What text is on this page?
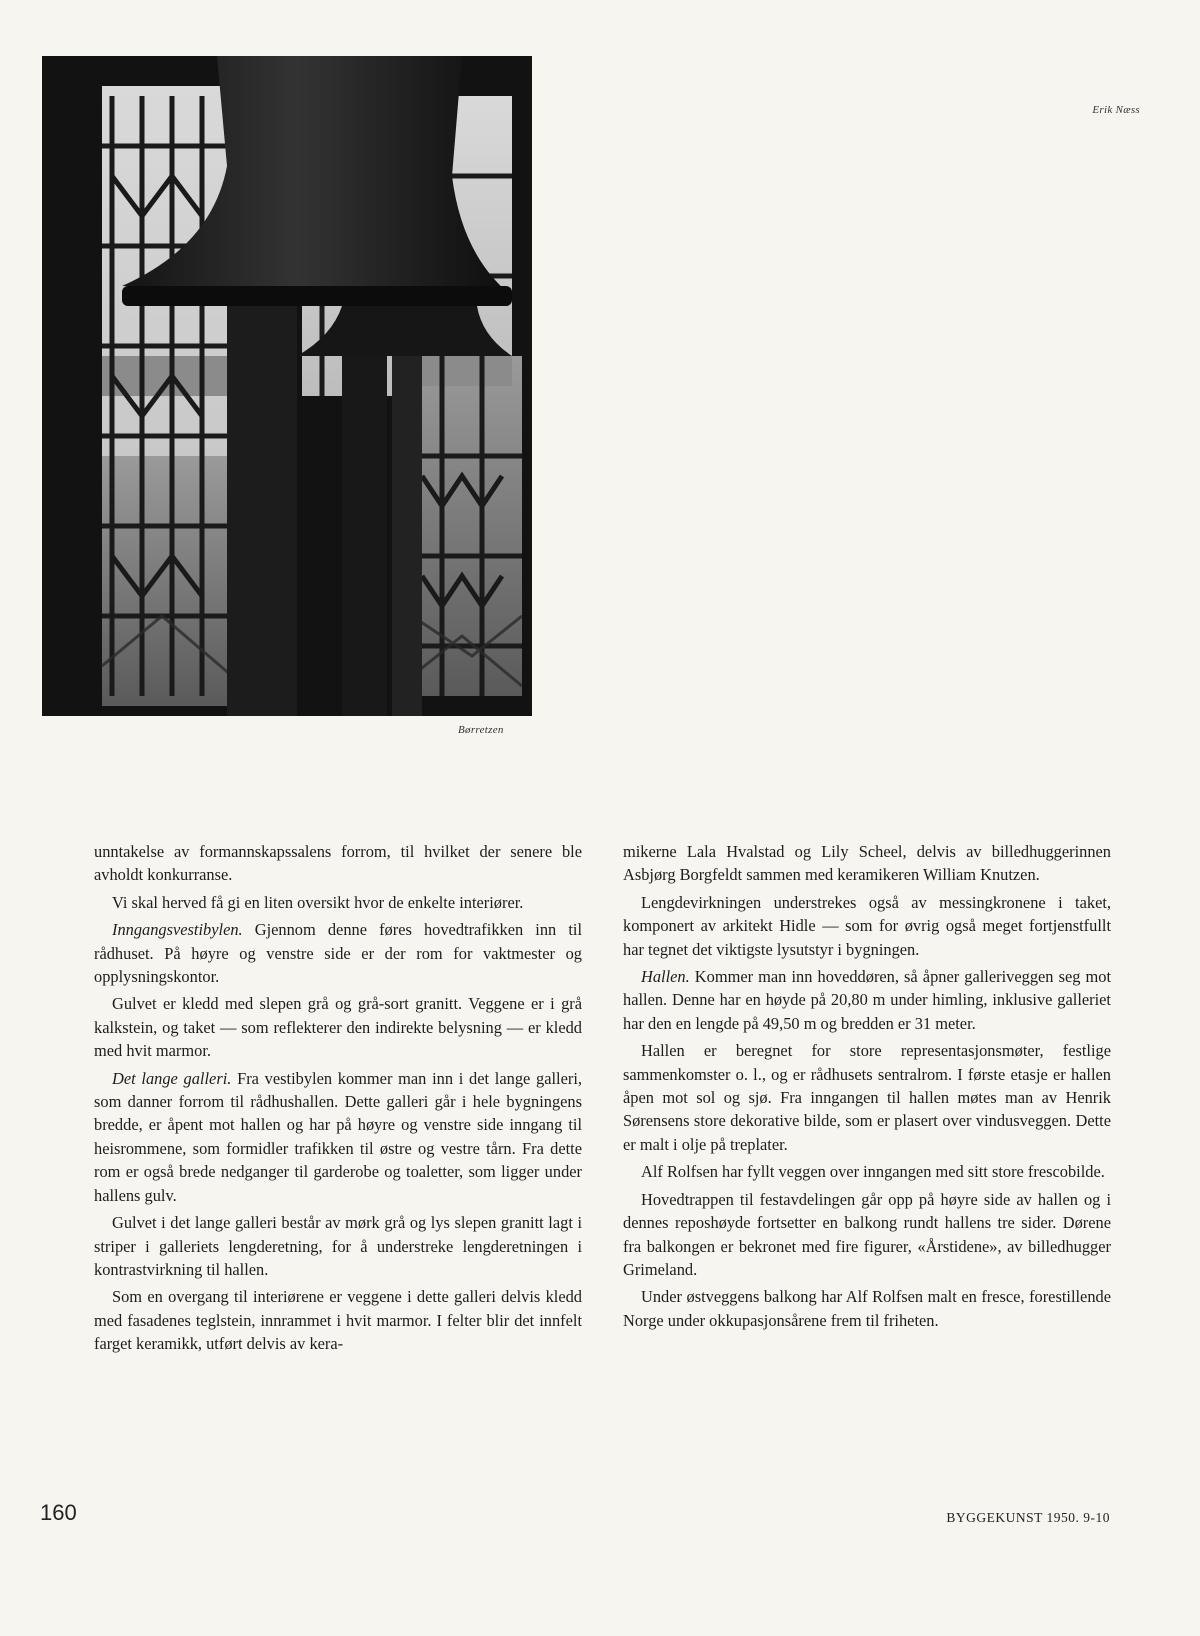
Børretzen
Erik Næss

unntakelse av formannskapssalens forrom, til hvilket der senere ble avholdt konkurranse.

Vi skal herved få gi en liten oversikt hvor de enkelte interiører.

Inngangsvestibylen. Gjennom denne føres hovedtrafikken inn til rådhuset. På høyre og venstre side er der rom for vaktmester og opplysningskontor.

Gulvet er kledd med slepen grå og grå-sort granitt. Veggene er i grå kalkstein, og taket — som reflekterer den indirekte belysning — er kledd med hvit marmor.

Det lange galleri. Fra vestibylen kommer man inn i det lange galleri, som danner forrom til rådhushallen. Dette galleri går i hele bygningens bredde, er åpent mot hallen og har på høyre og venstre side inngang til heisrommene, som formidler trafikken til østre og vestre tårn. Fra dette rom er også brede nedganger til garderobe og toaletter, som ligger under hallens gulv.

Gulvet i det lange galleri består av mørk grå og lys slepen granitt lagt i striper i galleriets lengderetning, for å understreke lengderetningen i kontrastvirkning til hallen.

Som en overgang til interiørene er veggene i dette galleri delvis kledd med fasadenes teglstein, innrammet i hvit marmor. I felter blir det innfelt farget keramikk, utført delvis av kera-

mikerne Lala Hvalstad og Lily Scheel, delvis av billedhuggerinnen Asbjørg Borgfeldt sammen med keramikeren William Knutzen.

Lengdevirkningen understrekes også av messingkronene i taket, komponert av arkitekt Hidle — som for øvrig også meget fortjenstfullt har tegnet det viktigste lysutstyr i bygningen.

Hallen. Kommer man inn hoveddøren, så åpner galleriveggen seg mot hallen. Denne har en høyde på 20,80 m under himling, inklusive galleriet har den en lengde på 49,50 m og bredden er 31 meter.

Hallen er beregnet for store representasjonsmøter, festlige sammenkomster o. l., og er rådhusets sentralrom. I første etasje er hallen åpen mot sol og sjø. Fra inngangen til hallen møtes man av Henrik Sørensens store dekorative bilde, som er plasert over vindusveggen. Dette er malt i olje på treplater.

Alf Rolfsen har fyllt veggen over inngangen med sitt store frescobilde.

Hovedtrappen til festavdelingen går opp på høyre side av hallen og i dennes reposhøyde fortsetter en balkong rundt hallens tre sider. Dørene fra balkongen er bekronet med fire figurer, «Årstidene», av billedhugger Grimeland.

Under østveggens balkong har Alf Rolfsen malt en fresce, forestillende Norge under okkupasjonsårene frem til friheten.

160	BYGGEKUNST 1950. 9-10
